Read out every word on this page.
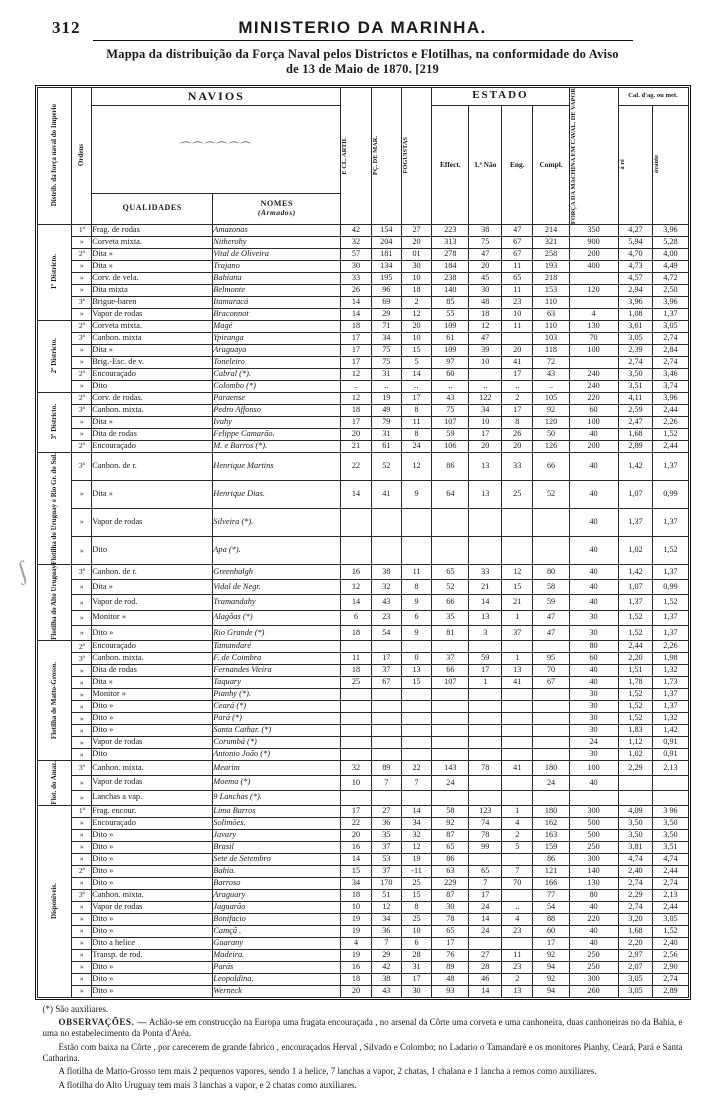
312	MINISTERIO DA MARINHA.
Mappa da distribuição da Força Naval pelos Districtos e Flotilhas, na conformidade do Aviso
de 13 de Maio de 1870. [219
Distrib. da força naval do Imperio	Ordens	NAVIOS		E CL. ARTIL	PÇ. DE MAR.	FOGUISTAS	ESTADO				FORÇA DA MACHINA EM CAVAL. DE VAPOR	Cal. d'ag. ou met.	
		⌒⌒⌒⌒⌒⌒					Effect.	1.ª Não	Eng.	Compl.		á ré	ávante

		QUALIDADES	NOMES
(Armados)										

1º Districto.	1ª	Frag. de rodas	Amazonas	42	154	27	223	38	47	214	350	4,27	3,96
	»	Corveta mixta.	Nitherohy	32	204	20	313	75	67	321	900	5,94	5,28
	2ª	Dita »	Vital de Oliveira	57	181	01	278	47	67	258	200	4,70	4,00
	»	Dita »	Trajano	30	134	30	184	20	11	193	400	4,73	4,49
	»	Corv. de vela.	Bahiana	33	195	10	238	45	65	218		4,57	4,72
	»	Dita mixta	Belmonte	26	96	18	140	30	11	153	120	2,94	2,50
	3ª	Brigue-baren	Itamaracá	14	69	2	85	48	23	110		3,96	3,96
	»	Vapor de rodas	Braconnot	14	29	12	55	18	10	63	4	1,08	1,37

2º Districto.	2ª	Corveta mixta.	Magé	18	71	20	109	12	11	110	130	3,61	3,05
	3ª	Canhon. mixta	Ypiranga	17	34	10	61	47		103	70	3,05	2,74
	»	Dita »	Araguaya	17	75	15	109	39	20	118	100	2,39	2,84
	»	Brig.-Esc. de v.	Toneleiro	17	75	5	97	10	41	72		2,74	2,74
	2ª	Encouraçado	Cabral (*).	12	31	14	60		17	43	240	3,50	3,46
	»	Dito	Colombo (*)	..	..	..	..	..	..	..	240	3,51	3,74

3º Districto.	2ª	Corv. de rodas.	Paraense	12	19	17	43	122	2	105	220	4,11	3,96
	3ª	Canhon. mixta.	Pedro Affonso	18	49	8	75	34	17	92	60	2,59	2,44
	»	Dita »	Ivahy	17	79	11	107	10	8	120	100	2,47	2,26
	»	Dita de rodas	Felippe Camarão.	20	31	8	59	17	26	50	40	1,68	1,52
	2ª	Encouraçado	M. e Barros (*).	21	61	24	106	20	20	126	200	2,89	2,44

Flotilha do Uruguay e Rio Gr. do Sul.	3ª	Canhon. de r.	Henrique Martins	22	52	12	86	13	33	66	40	1,42	1,37
	»	Dita »	Henrique Dias.	14	41	9	64	13	25	52	40	1,07	0,99
	»	Vapor de rodas	Silveira (*).								40	1,37	1,37
	»	Dito	Apa (*).								40	1,02	1,52

Flotilha do Alto Uruguay	3ª	Canhon. de r.	Greenhalgh	16	38	11	65	33	12	80	40	1,42	1,37
	»	Dita »	Vidal de Negr.	12	32	8	52	21	15	58	40	1,07	0,99
	»	Vapor de rod.	Tramandahy	14	43	9	66	14	21	59	40	1,37	1,52
	»	Monitor »	Alagôas (*)	6	23	6	35	13	1	47	30	1,52	1,37
	»	Dito »	Rio Grande (*)	18	54	9	81	3	37	47	30	1,52	1,37

Flotilha de Matto-Grosso.	2ª	Encouraçado	Tamandaré								80	2,44	2,26
	3ª	Canhon. mixta.	F. de Coimbra	11	17	0	37	59	1	95	60	2,20	1,98
	»	Dita de rodas	Fernandes Vieira	18	37	13	66	17	13	70	40	1,51	1,32
	»	Dita »	Taquary	25	67	15	107	1	41	67	40	1,78	1,73
	»	Monitor »	Pianhy (*).								30	1,52	1,37
	»	Dito »	Ceará (*)								30	1,52	1,37
	»	Dito »	Pará (*)								30	1,52	1,32
	»	Dito »	Santa Cathar. (*)								30	1,83	1,42
	»	Vapor de rodas	Corumbá (*)								24	1,12	0,91
	»	Dito	Antonio João (*)								30	1,02	0,91

Flot. do Amaz.	3ª	Canhon. mixta.	Mearim	32	89	22	143	78	41	180	100	2,29	2,13
	»	Vapor de rodas	Moema (*)	10	7	7	24			24	40		
	»	Lanchas a vap.	9 Lanchas (*).										

Disponiveis.	1ª	Frag. encour.	Lima Barros	17	27	14	58	123	1	180	300	4,09	3 96
	»	Encouraçado	Solimões.	22	36	34	92	74	4	162	500	3,50	3,50
	»	Dito »	Javary	20	35	32	87	78	2	163	500	3,50	3,50
	»	Dito »	Brasil	16	37	12	65	99	5	159	250	3,81	3,51
	»	Dito »	Sete de Setembro	14	53	19	86			86	300	4,74	4,74
	2ª	Dito »	Bahia.	15	37	-11	63	65	7	121	140	2,40	2,44
	»	Dito »	Barroso	34	170	25	229	7	70	166	130	2,74	2,74
	3ª	Canhon. mixta.	Araguary	18	51	15	87	17		77	80	2,29	2,13
	»	Vapor de rodas	Jaguarão	10	12	8	30	24	..	54	40	2,74	2,44
	»	Dito »	Bonifacio	19	34	25	78	14	4	88	220	3,20	3,05
	»	Dito »	Camçã .	19	36	10	65	24	23	60	40	1,68	1,52
	»	Dito a helice	Guarany	4	7	6	17			17	40	2,20	2,40
	»	Transp. de rod.	Madeira.	19	29	28	76	27	11	92	250	2,97	2,56
	»	Dito »	Parás	16	42	31	89	28	23	94	250	2,07	2,90
	»	Dito »	Leopoldina.	18	38	17	48	46	2	92	300	3,05	2,74
	»	Dito »	Werneck	20	43	30	93	14	13	94	260	3,05	2,89

(*) São auxiliares.

OBSERVAÇÕES. — Achão-se em construcção na Europa uma fragata encouraçada , no arsenal da Côrte uma corveta e uma canhoneira, duas canhoneiras no da Bahia, e uma no estabelecimento da Ponta d'Aréa.

Estão com baixa na Côrte , por carecerem de grande fabrico , encouraçados Herval , Silvado e Colombo; no Ladario o Tamandaré e os monitores Pianhy, Ceará, Pará e Santa Catharina.

A flotilha de Matto-Grosso tem mais 2 pequenos vapores, sendo 1 a helice, 7 lanchas a vapor, 2 chatas, 1 chalana e 1 lancha a remos como auxiliares.

A flotilha do Alto Uruguay tem mais 3 lanchas a vapor, e 2 chatas como auxiliares.

ʃ
